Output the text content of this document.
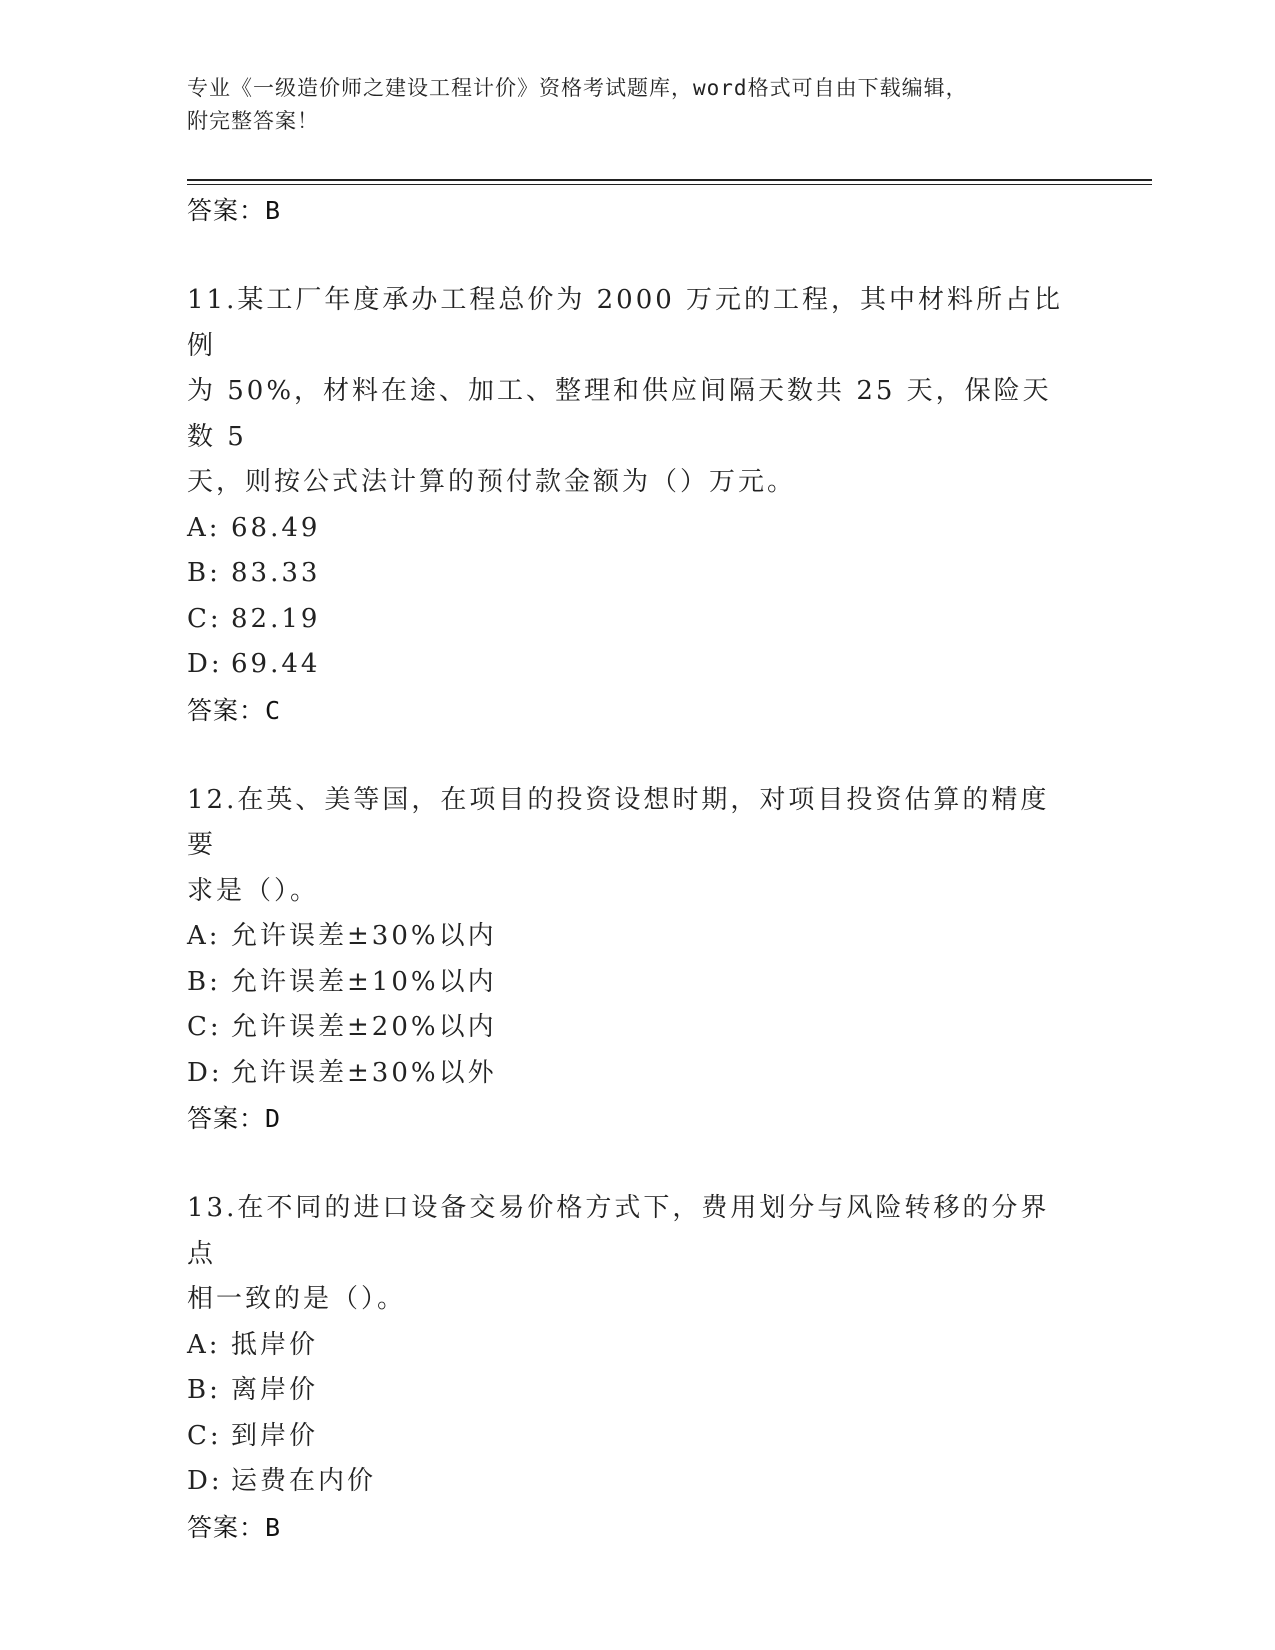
专业《一级造价师之建设工程计价》资格考试题库，word格式可自由下载编辑，
附完整答案！
答案：B
11.某工厂年度承办工程总价为 2000 万元的工程，其中材料所占比例
为 50%，材料在途、加工、整理和供应间隔天数共 25 天，保险天数 5
天，则按公式法计算的预付款金额为（）万元。
A: 68.49
B: 83.33
C: 82.19
D: 69.44
答案：C
12.在英、美等国，在项目的投资设想时期，对项目投资估算的精度要
求是（）。
A: 允许误差±30%以内
B: 允许误差±10%以内
C: 允许误差±20%以内
D: 允许误差±30%以外
答案：D
13.在不同的进口设备交易价格方式下，费用划分与风险转移的分界点
相一致的是（）。
A: 抵岸价
B: 离岸价
C: 到岸价
D: 运费在内价
答案：B
